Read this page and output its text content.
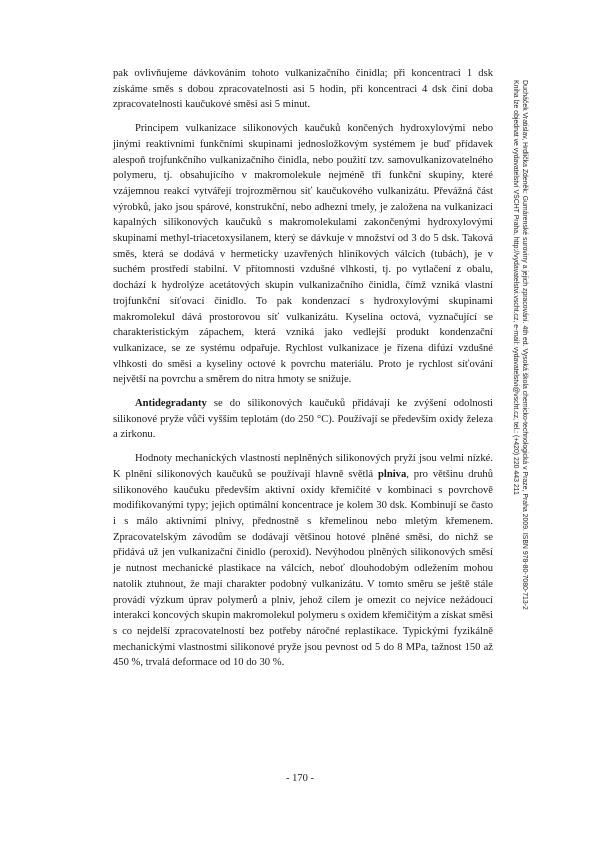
pak ovlivňujeme dávkováním tohoto vulkanizačního činidla; při koncentraci 1 dsk získáme směs s dobou zpracovatelnosti asi 5 hodin, při koncentraci 4 dsk činí doba zpracovatelnosti kaučukové směsi asi 5 minut.

Principem vulkanizace silikonových kaučuků končených hydroxylovými nebo jinými reaktivními funkčními skupinami jednosložkovým systémem je buď přídavek alespoň trojfunkčního vulkanizačního činidla, nebo použití tzv. samovulkanizovatelného polymeru, tj. obsahujícího v makromolekule nejméně tři funkční skupiny, které vzájemnou reakcí vytvářejí trojrozměrnou síť kaučukového vulkanizátu. Převážná část výrobků, jako jsou spárové, konstrukční, nebo adhezní tmely, je založena na vulkanizaci kapalných silikonových kaučuků s makromolekulami zakončenými hydroxylovými skupinami methyl-triacetoxysilanem, který se dávkuje v množství od 3 do 5 dsk. Taková směs, která se dodává v hermeticky uzavřených hliníkových válcích (tubách), je v suchém prostředí stabilní. V přítomnosti vzdušné vlhkosti, tj. po vytlačení z obalu, dochází k hydrolýze acetátových skupin vulkanizačního činidla, čímž vzniká vlastní trojfunkční síťovací činidlo. To pak kondenzací s hydroxylovými skupinami makromolekul dává prostorovou síť vulkanizátu. Kyselina octová, vyznačující se charakteristickým zápachem, která vzniká jako vedlejší produkt kondenzační vulkanizace, se ze systému odpařuje. Rychlost vulkanizace je řízena difúzí vzdušné vlhkosti do směsi a kyseliny octové k povrchu materiálu. Proto je rychlost síťování největší na povrchu a směrem do nitra hmoty se snižuje.

Antidegradanty se do silikonových kaučuků přidávají ke zvýšení odolnosti silikonové pryže vůči vyšším teplotám (do 250 °C). Používají se především oxidy železa a zirkonu.

Hodnoty mechanických vlastností neplněných silikonových pryží jsou velmi nízké. K plnění silikonových kaučuků se používají hlavně světlá plniva, pro většinu druhů silikonového kaučuku především aktivní oxidy křemičité v kombinaci s povrchově modifikovanými typy; jejich optimální koncentrace je kolem 30 dsk. Kombinují se často i s málo aktivními plnivy, přednostně s křemelinou nebo mletým křemenem. Zpracovatelským závodům se dodávají většinou hotové plněné směsi, do nichž se přidává už jen vulkanizační činidlo (peroxid). Nevýhodou plněných silikonových směsí je nutnost mechanické plastikace na válcích, neboť dlouhodobým odležením mohou natolik ztuhnout, že mají charakter podobný vulkanizátu. V tomto směru se ještě stále provádí výzkum úprav polymerů a plniv, jehož cílem je omezit co nejvíce nežádoucí interakci koncových skupin makromolekul polymeru s oxidem křemičitým a získat směsi s co nejdelší zpracovatelností bez potřeby náročné replastikace. Typickými fyzikálně mechanickými vlastnostmi silikonové pryže jsou pevnost od 5 do 8 MPa, tažnost 150 až 450 %, trvalá deformace od 10 do 30 %.

Ducháček Vratislav, Hrdlička Zdeněk: Gumárenské suroviny a jejich zpracování. 4th ed. Vysoká škola chemicko-technologická v Praze, Praha 2009. ISBN 978-80-7080-713-2
Kniha lze objednat ve vydavatelství VŠCHT Praha, http://vydavatelstvi.vscht.cz, e-mail: vydavatelstvi@vscht.cz, tel.: (+420) 220 443 211
- 170 -
